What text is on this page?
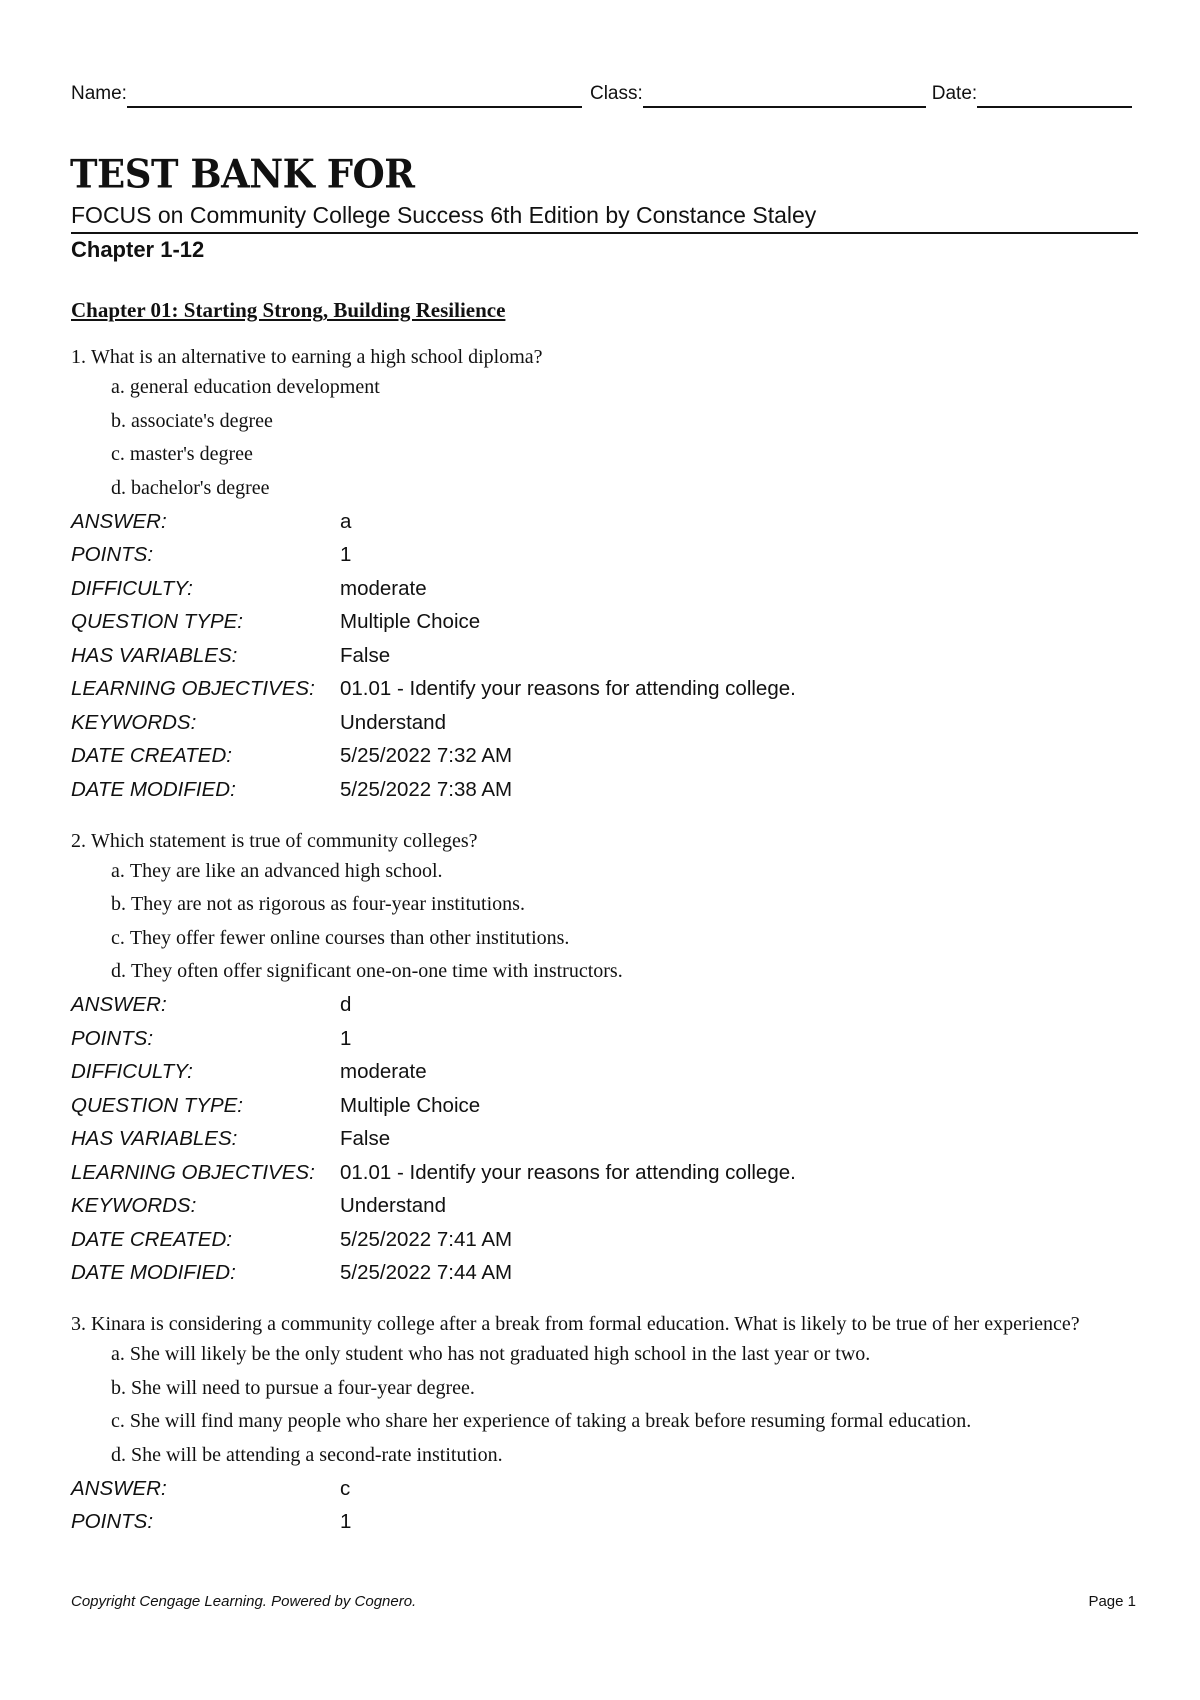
Name:	Class:	Date:
TEST BANK FOR
FOCUS on Community College Success 6th Edition by Constance Staley
Chapter 1-12
Chapter 01: Starting Strong, Building Resilience

1. What is an alternative to earning a high school diploma?

a. general education development
b. associate's degree
c. master's degree
d. bachelor's degree
ANSWER:	a
POINTS:	1
DIFFICULTY:	moderate
QUESTION TYPE:	Multiple Choice
HAS VARIABLES:	False
LEARNING OBJECTIVES:	01.01 - Identify your reasons for attending college.
KEYWORDS:	Understand
DATE CREATED:	5/25/2022 7:32 AM
DATE MODIFIED:	5/25/2022 7:38 AM

2. Which statement is true of community colleges?

a. They are like an advanced high school.
b. They are not as rigorous as four-year institutions.
c. They offer fewer online courses than other institutions.
d. They often offer significant one-on-one time with instructors.
ANSWER:	d
POINTS:	1
DIFFICULTY:	moderate
QUESTION TYPE:	Multiple Choice
HAS VARIABLES:	False
LEARNING OBJECTIVES:	01.01 - Identify your reasons for attending college.
KEYWORDS:	Understand
DATE CREATED:	5/25/2022 7:41 AM
DATE MODIFIED:	5/25/2022 7:44 AM

3. Kinara is considering a community college after a break from formal education. What is likely to be true of her experience?

a. She will likely be the only student who has not graduated high school in the last year or two.
b. She will need to pursue a four-year degree.
c. She will find many people who share her experience of taking a break before resuming formal education.
d. She will be attending a second-rate institution.
ANSWER:	c
POINTS:	1
Copyright Cengage Learning. Powered by Cognero.	Page 1
